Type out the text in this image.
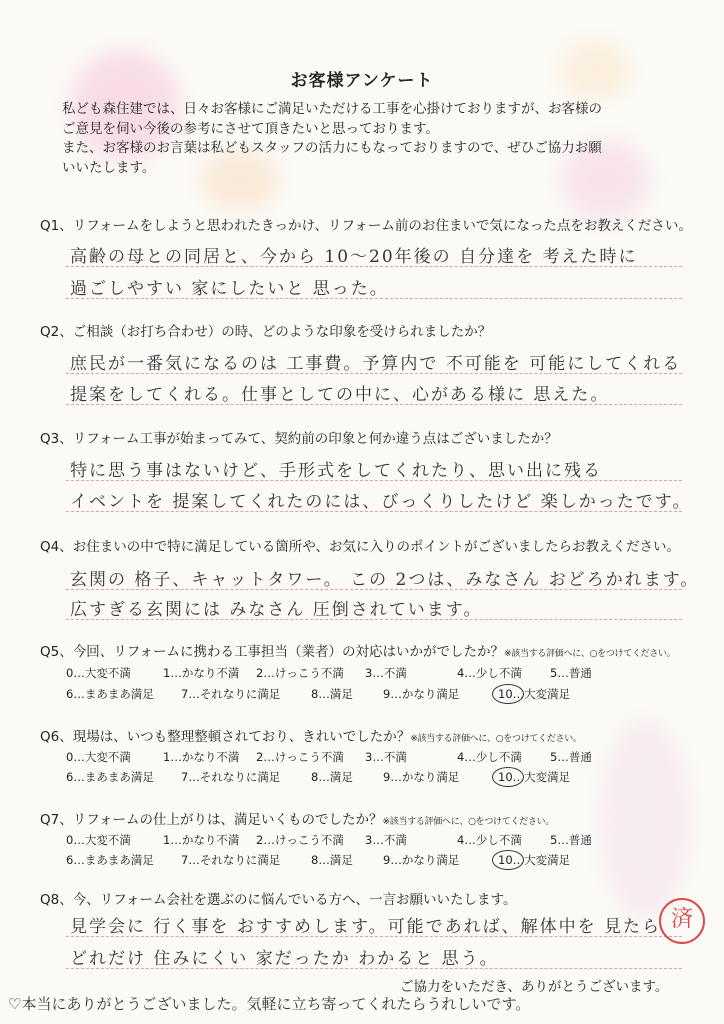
お客様アンケート
私ども森住建では、日々お客様にご満足いただける工事を心掛けておりますが、お客様の
ご意見を伺い今後の参考にさせて頂きたいと思っております。
また、お客様のお言葉は私どもスタッフの活力にもなっておりますので、ぜひご協力お願
いいたします。
Q1、リフォームをしようと思われたきっかけ、リフォーム前のお住まいで気になった点をお教えください。
高齢の母との同居と、今から 10～20年後の 自分達を 考えた時に
過ごしやすい 家にしたいと 思った。
Q2、ご相談（お打ち合わせ）の時、どのような印象を受けられましたか？
庶民が一番気になるのは 工事費。予算内で 不可能を 可能にしてくれる
提案をしてくれる。仕事としての中に、心がある様に 思えた。
Q3、リフォーム工事が始まってみて、契約前の印象と何か違う点はございましたか？
特に思う事はないけど、手形式をしてくれたり、思い出に残る
イベントを 提案してくれたのには、びっくりしたけど 楽しかったです。
Q4、お住まいの中で特に満足している箇所や、お気に入りのポイントがございましたらお教えください。
玄関の 格子、キャットタワー。 この 2つは、みなさん おどろかれます。
広すぎる玄関には みなさん 圧倒されています。
Q5、今回、リフォームに携わる工事担当（業者）の対応はいかがでしたか？※該当する評価へに、○をつけてください。
0…大変不満	1…かなり不満 2…けっこう不満 3…不満	4…少し不満 5…普通
6…まあまあ満足 7…それなりに満足	8…満足	9…かなり満足	10…大変満足
Q6、現場は、いつも整理整頓されており、きれいでしたか？※該当する評価へに、○をつけてください。
0…大変不満	1…かなり不満 2…けっこう不満 3…不満	4…少し不満 5…普通
6…まあまあ満足 7…それなりに満足	8…満足	9…かなり満足	10…大変満足
Q7、リフォームの仕上がりは、満足いくものでしたか？※該当する評価へに、○をつけてください。
0…大変不満	1…かなり不満 2…けっこう不満 3…不満	4…少し不満 5…普通
6…まあまあ満足 7…それなりに満足	8…満足	9…かなり満足	10…大変満足
Q8、今、リフォーム会社を選ぶのに悩んでいる方へ、一言お願いいたします。
見学会に 行く事を おすすめします。可能であれば、解体中を 見たら
どれだけ 住みにくい 家だったか わかると 思う。
済
ご協力をいただき、ありがとうございます。
♡本当にありがとうございました。気軽に立ち寄ってくれたらうれしいです。
